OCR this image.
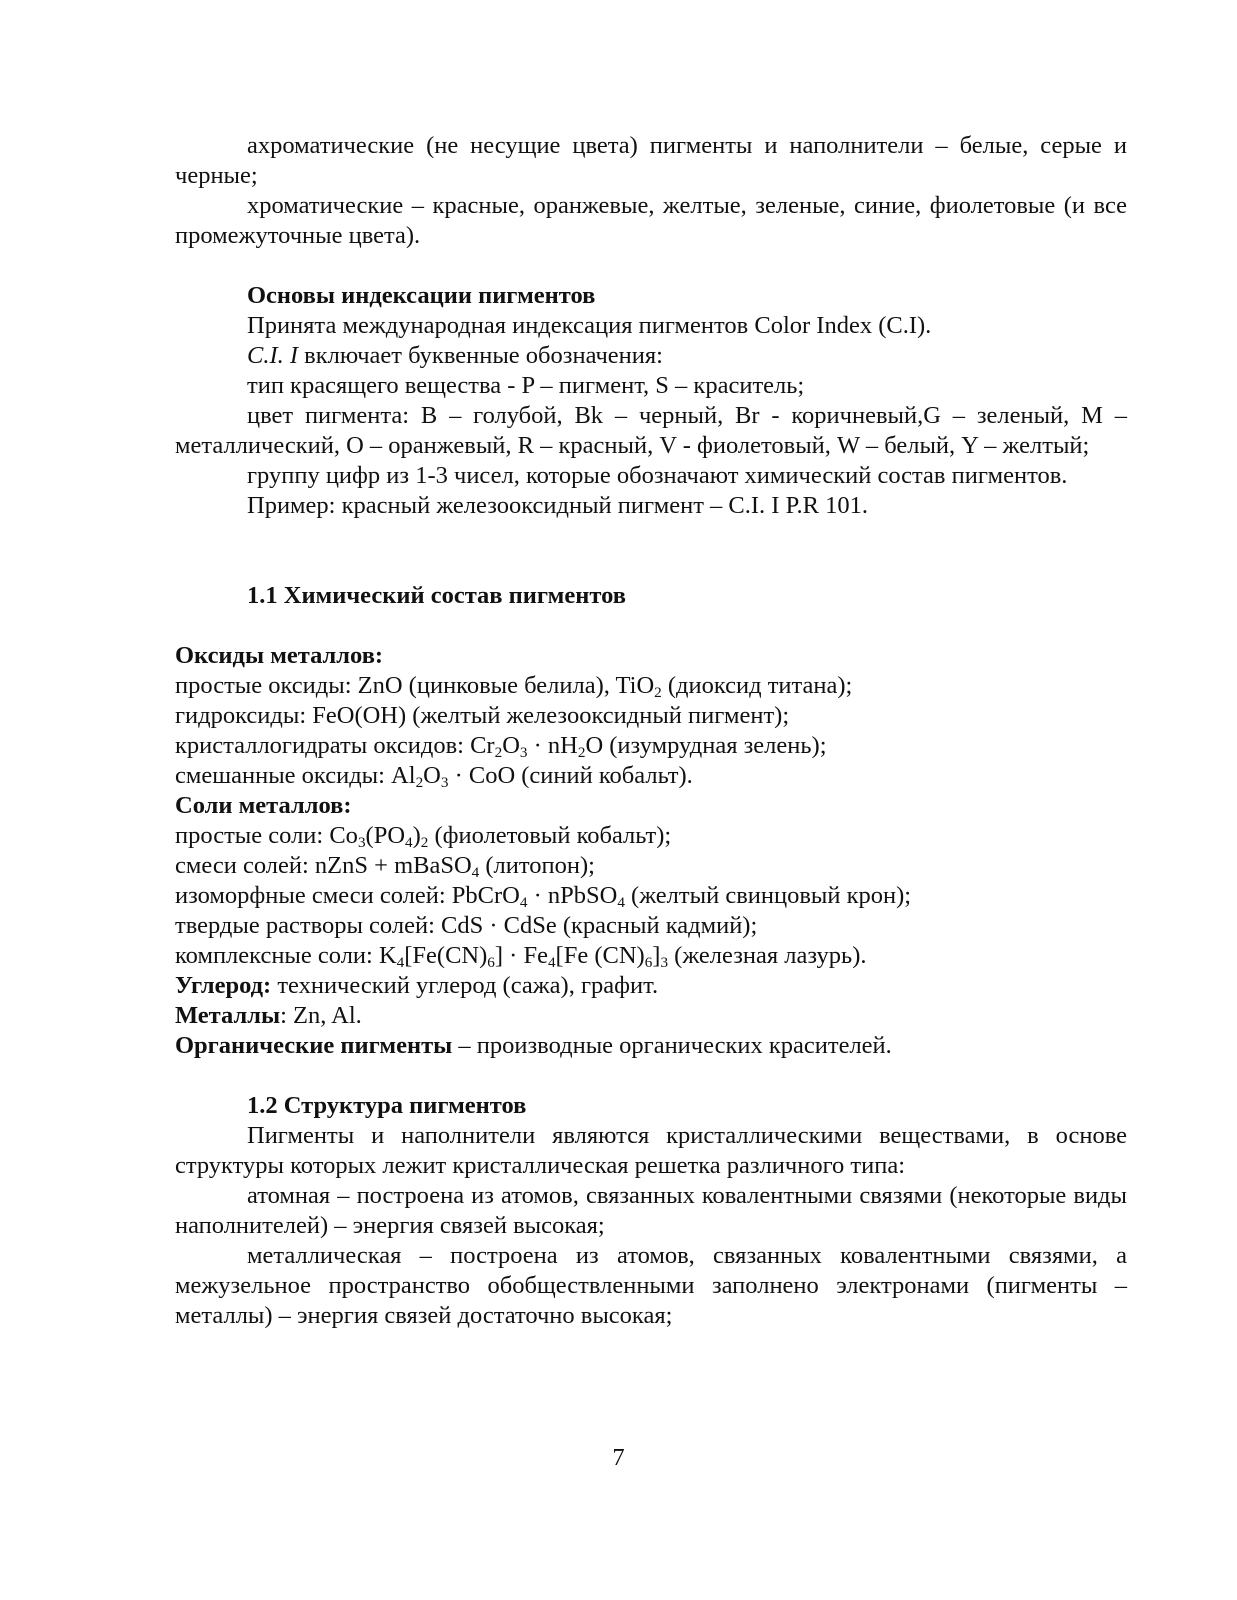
ахроматические (не несущие цвета) пигменты и наполнители – белые, серые и черные;

хроматические – красные, оранжевые, желтые, зеленые, синие, фиолетовые (и все промежуточные цвета).

Основы индексации пигментов

Принята международная индексация пигментов Color Index (C.I).

C.I. I включает буквенные обозначения:

тип красящего вещества - P – пигмент, S – краситель;

цвет пигмента: B – голубой, Bk – черный, Br - коричневый,G – зеленый, M – металлический, O – оранжевый, R – красный, V - фиолетовый, W – белый, Y – желтый;

группу цифр из 1-3 чисел, которые обозначают химический состав пигментов.

Пример: красный железооксидный пигмент – C.I. I P.R 101.

1.1 Химический состав пигментов

Оксиды металлов:

простые оксиды: ZnO (цинковые белила), TiO$_2$ (диоксид титана);

гидроксиды: FeO(OH) (желтый железооксидный пигмент);

кристаллогидраты оксидов: $Cr_2O_3 \cdot nH_2O$ (изумрудная зелень);

смешанные оксиды: $Al_2O_3$ · CoO (синий кобальт).

Соли металлов:

простые соли: $Co_3(PO_4)_2$ (фиолетовый кобальт);

смеси солей: nZnS + mBaSO$_4$ (литопон);

изоморфные смеси солей: PbCrO$_4$ · nPbSO$_4$ (желтый свинцовый крон);

твердые растворы солей: CdS · CdSe (красный кадмий);

комплексные соли: $K_4[Fe(CN)_6] \cdot Fe_4[Fe$ $(CN)_6]_3$ (железная лазурь).

Углерод: технический углерод (сажа), графит.

Металлы: Zn, Al.

Органические пигменты – производные органических красителей.

1.2 Структура пигментов

Пигменты и наполнители являются кристаллическими веществами, в основе структуры которых лежит кристаллическая решетка различного типа:

атомная – построена из атомов, связанных ковалентными связями (некоторые виды наполнителей) – энергия связей высокая;

металлическая – построена из атомов, связанных ковалентными связями, а межузельное пространство обобществленными заполнено электронами (пигменты – металлы) – энергия связей достаточно высокая;

7
